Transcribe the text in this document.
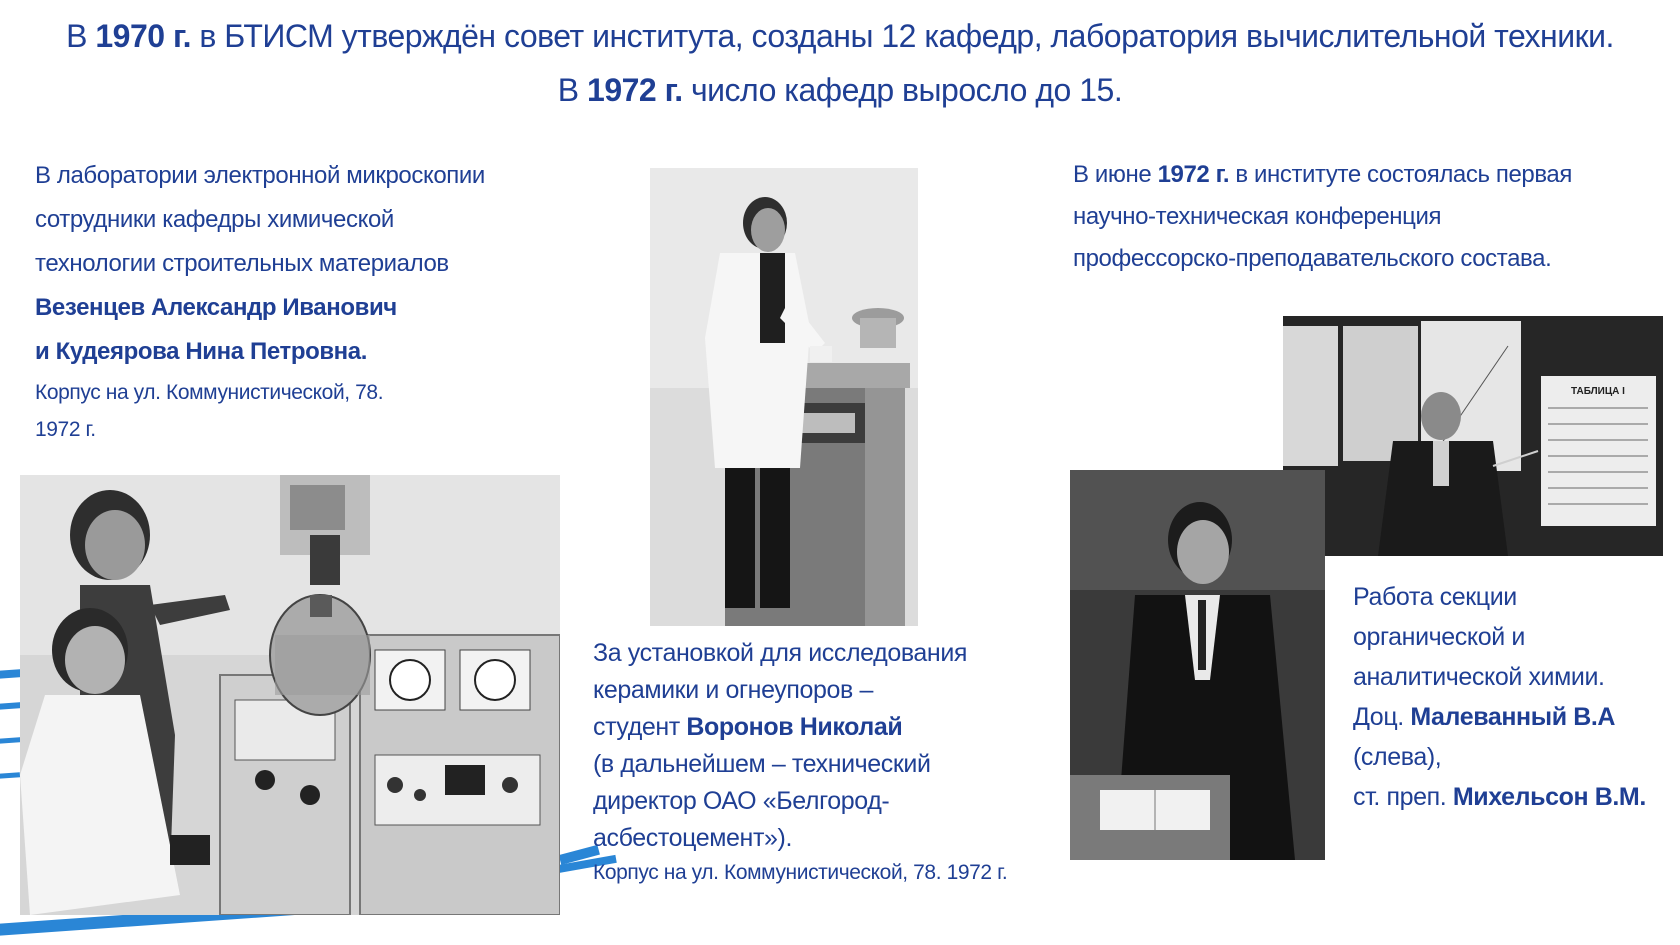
В 1970 г. в БТИСМ утверждён совет института, созданы 12 кафедр, лаборатория вычислительной техники.
В 1972 г. число кафедр выросло до 15.
В лаборатории электронной микроскопии
сотрудники кафедры химической
технологии строительных материалов
Везенцев Александр Иванович
и Кудеярова Нина Петровна.
Корпус на ул. Коммунистической, 78.
1972 г.
В июне 1972 г. в институте состоялась первая
научно-техническая конференция
профессорско-преподавательского состава.
За установкой для исследования
керамики и огнеупоров –
студент Воронов Николай
(в дальнейшем – технический
директор ОАО «Белгород-
асбестоцемент»).
Корпус на ул. Коммунистической, 78. 1972 г.
Работа секции
органической и
аналитической химии.
Доц. Малеванный В.А
(слева),
ст. преп. Михельсон В.М.
ТАБЛИЦА I
